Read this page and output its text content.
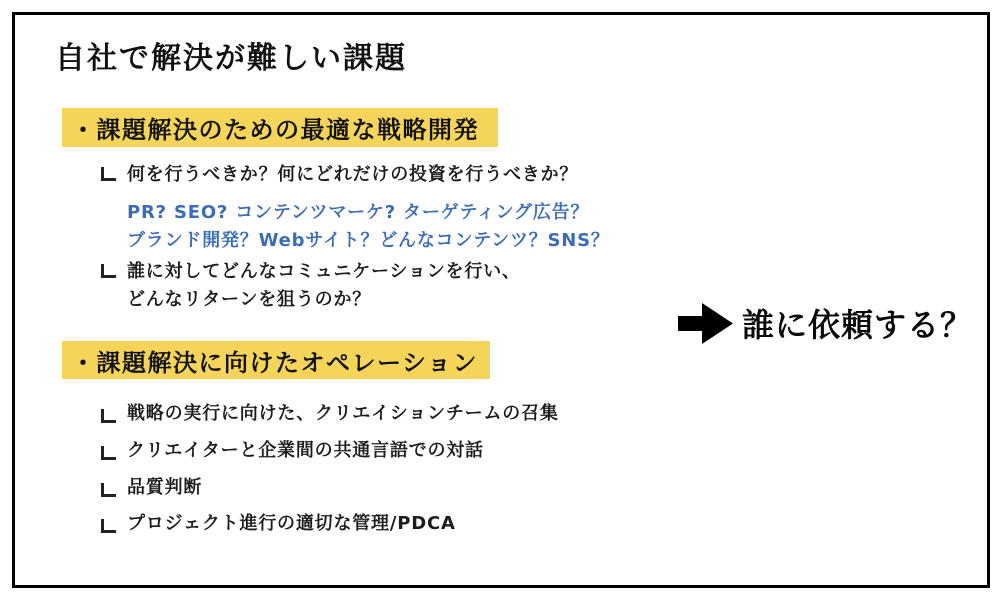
自社で解決が難しい課題
・課題解決のための最適な戦略開発
何を行うべきか？何にどれだけの投資を行うべきか？
PR? SEO? コンテンツマーケ? ターゲティング広告？
ブランド開発？Webサイト？どんなコンテンツ？SNS？
誰に対してどんなコミュニケーションを行い、
どんなリターンを狙うのか？
・課題解決に向けたオペレーション
戦略の実行に向けた、クリエイションチームの召集
クリエイターと企業間の共通言語での対話
品質判断
プロジェクト進行の適切な管理/PDCA

誰に依頼する？
